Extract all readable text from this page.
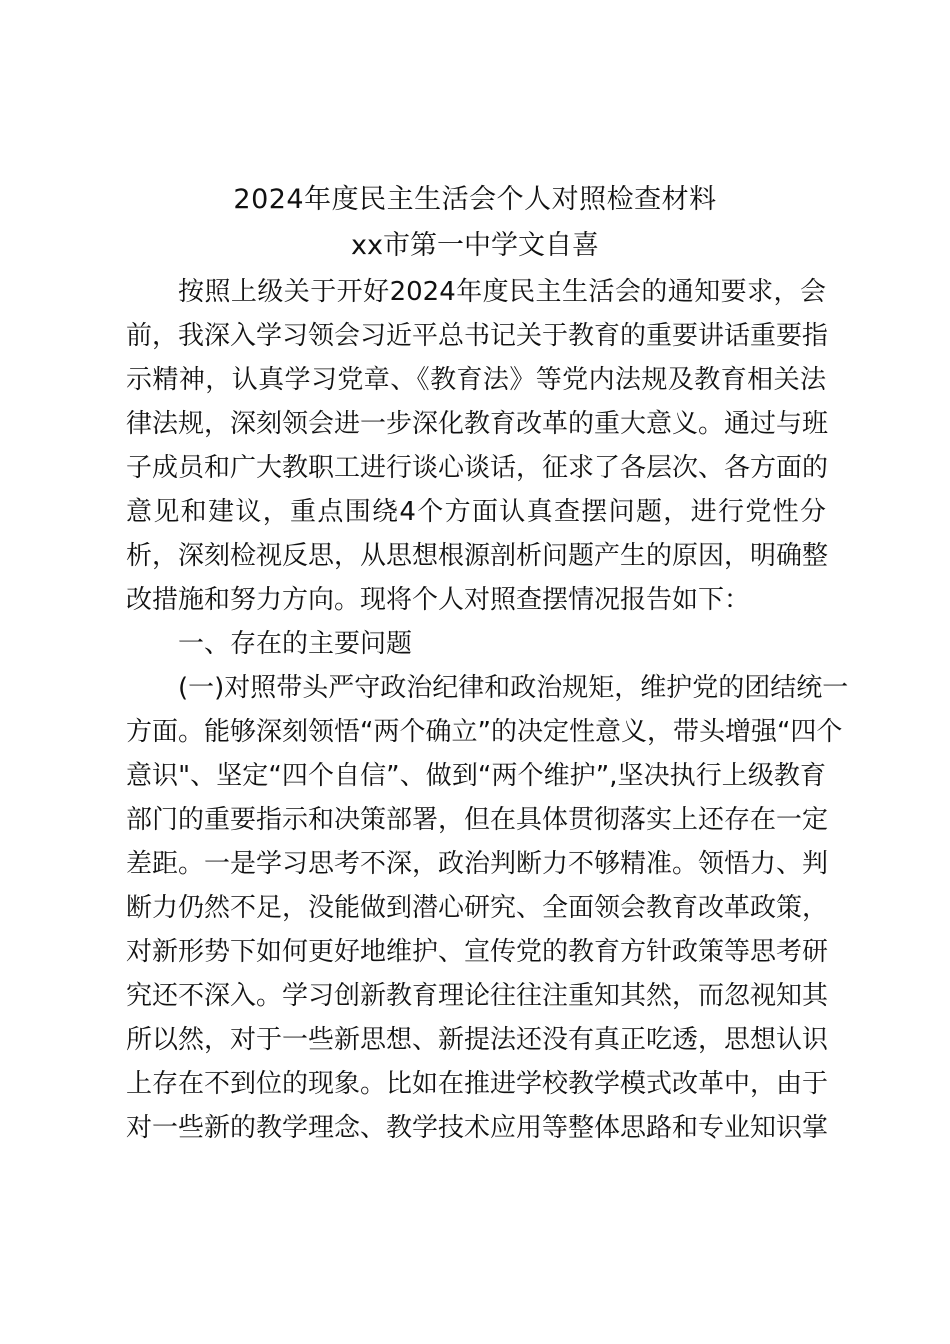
2024年度民主生活会个人对照检查材料
xx市第一中学文自喜

按照上级关于开好2024年度民主生活会的通知要求，会

前，我深入学习领会习近平总书记关于教育的重要讲话重要指

示精神，认真学习党章、《教育法》等党内法规及教育相关法

律法规，深刻领会进一步深化教育改革的重大意义。通过与班

子成员和广大教职工进行谈心谈话，征求了各层次、各方面的

意见和建议，重点围绕4个方面认真查摆问题，进行党性分

析，深刻检视反思，从思想根源剖析问题产生的原因，明确整

改措施和努力方向。现将个人对照查摆情况报告如下：

一、存在的主要问题

(一)对照带头严守政治纪律和政治规矩，维护党的团结统一

方面。能够深刻领悟“两个确立”的决定性意义，带头增强“四个

意识"、坚定“四个自信”、做到“两个维护”,坚决执行上级教育

部门的重要指示和决策部署，但在具体贯彻落实上还存在一定

差距。一是学习思考不深，政治判断力不够精准。领悟力、判

断力仍然不足，没能做到潜心研究、全面领会教育改革政策，

对新形势下如何更好地维护、宣传党的教育方针政策等思考研

究还不深入。学习创新教育理论往往注重知其然，而忽视知其

所以然，对于一些新思想、新提法还没有真正吃透，思想认识

上存在不到位的现象。比如在推进学校教学模式改革中，由于

对一些新的教学理念、教学技术应用等整体思路和专业知识掌
